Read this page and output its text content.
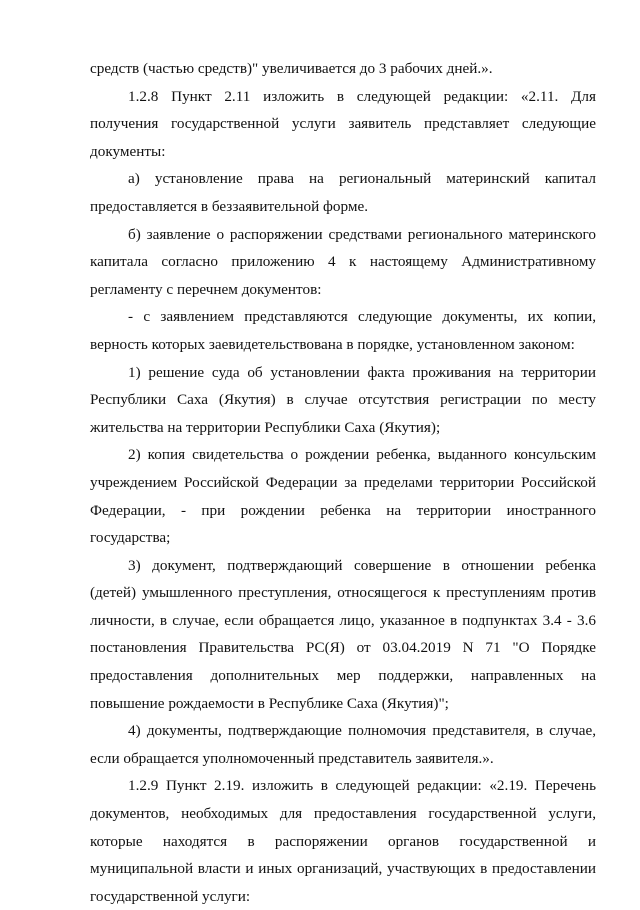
средств (частью средств)" увеличивается до 3 рабочих дней.».

1.2.8 Пункт 2.11 изложить в следующей редакции: «2.11. Для получения государственной услуги заявитель представляет следующие документы:

а) установление права на региональный материнский капитал предоставляется в беззаявительной форме.

б) заявление о распоряжении средствами регионального материнского капитала согласно приложению 4 к настоящему Административному регламенту с перечнем документов:

- с заявлением представляются следующие документы, их копии, верность которых заевидетельствована в порядке, установленном законом:

1) решение суда об установлении факта проживания на территории Республики Саха (Якутия) в случае отсутствия регистрации по месту жительства на территории Республики Саха (Якутия);

2) копия свидетельства о рождении ребенка, выданного консульским учреждением Российской Федерации за пределами территории Российской Федерации, - при рождении ребенка на территории иностранного государства;

3) документ, подтверждающий совершение в отношении ребенка (детей) умышленного преступления, относящегося к преступлениям против личности, в случае, если обращается лицо, указанное в подпунктах 3.4 - 3.6 постановления Правительства РС(Я) от 03.04.2019 N 71 "О Порядке предоставления дополнительных мер поддержки, направленных на повышение рождаемости в Республике Саха (Якутия)";

4) документы, подтверждающие полномочия представителя, в случае, если обращается уполномоченный представитель заявителя.».

1.2.9 Пункт 2.19. изложить в следующей редакции: «2.19. Перечень документов, необходимых для предоставления государственной услуги, которые находятся в распоряжении органов государственной и муниципальной власти и иных организаций, участвующих в предоставлении государственной услуги:
